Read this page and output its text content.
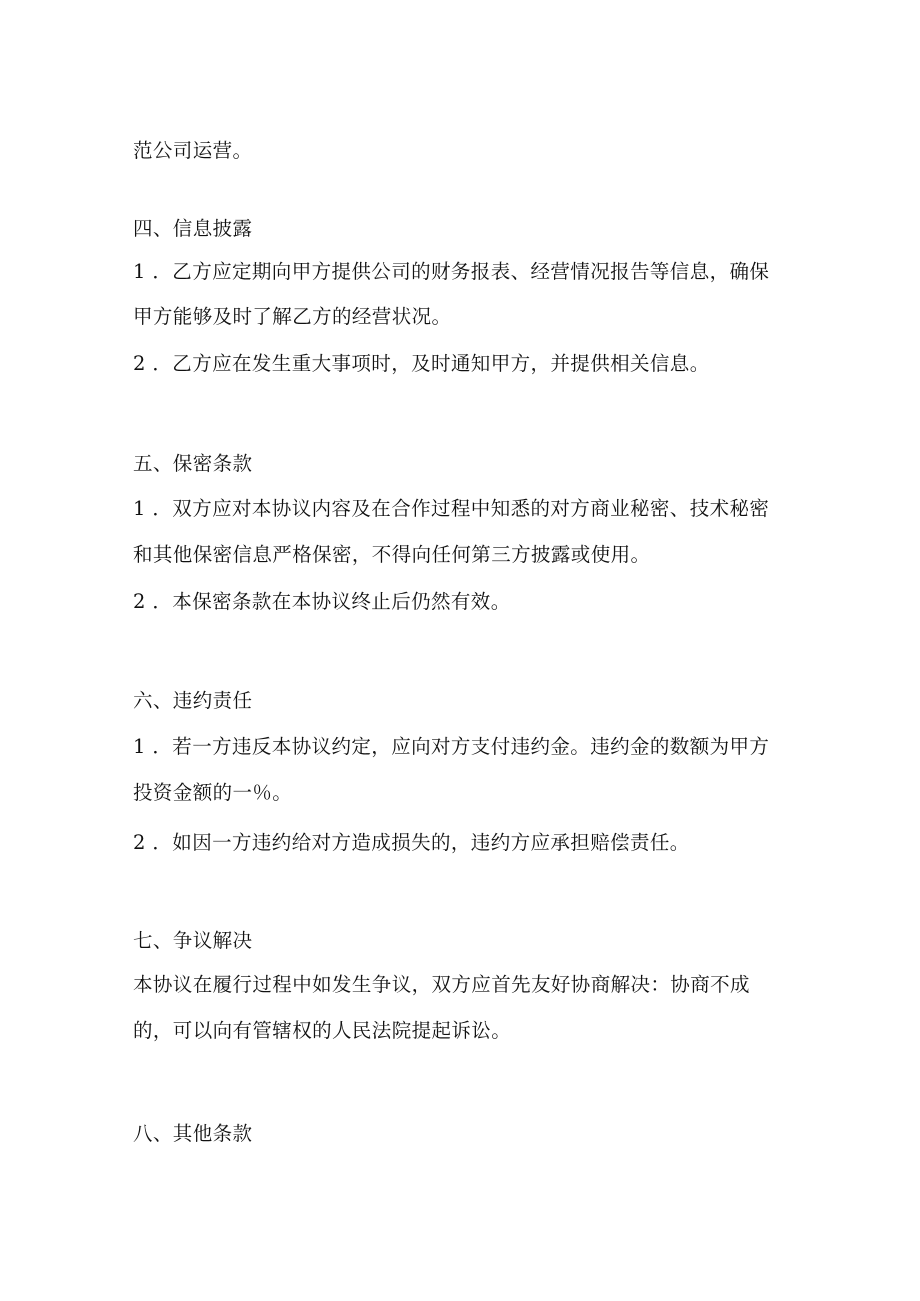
范公司运营。
四、信息披露
1 ．乙方应定期向甲方提供公司的财务报表、经营情况报告等信息，确保
甲方能够及时了解乙方的经营状况。
2 ．乙方应在发生重大事项时，及时通知甲方，并提供相关信息。
五、保密条款
1 ．双方应对本协议内容及在合作过程中知悉的对方商业秘密、技术秘密
和其他保密信息严格保密，不得向任何第三方披露或使用。
2 ．本保密条款在本协议终止后仍然有效。
六、违约责任
1 ．若一方违反本协议约定，应向对方支付违约金。违约金的数额为甲方
投资金额的一％。
2 ．如因一方违约给对方造成损失的，违约方应承担赔偿责任。
七、争议解决
本协议在履行过程中如发生争议，双方应首先友好协商解决：协商不成
的，可以向有管辖权的人民法院提起诉讼。
八、其他条款
